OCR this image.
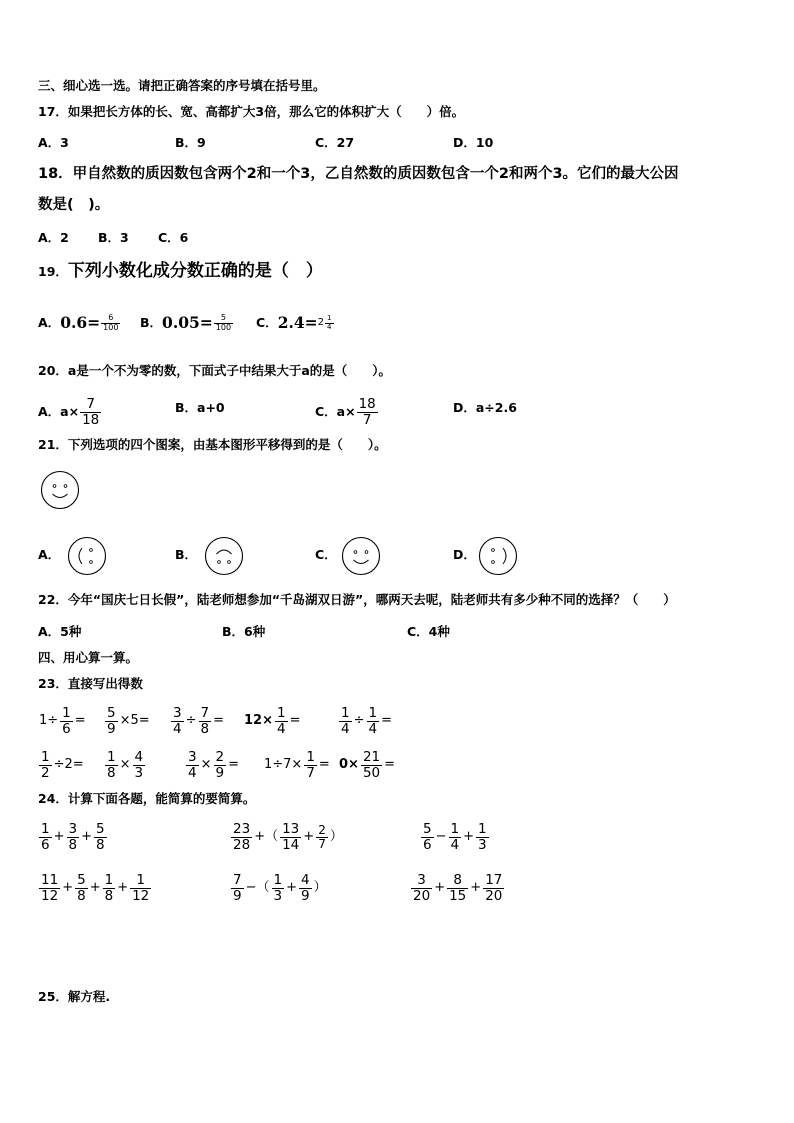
三、细心选一选。请把正确答案的序号填在括号里。
17．如果把长方体的长、宽、高都扩大3倍，那么它的体积扩大（　　）倍。
A．3	B．9	C．27	D．10
18．甲自然数的质因数包含两个2和一个3，乙自然数的质因数包含一个2和两个3。它们的最大公因
数是(　)。
A．2 B．3 C．6
19．下列小数化成分数正确的是（　）
A． $0.6= \frac{6}{100}$ B． $0.05= \frac{5}{100}$ C． $2.4= 2 \frac{1}{4}$
20．a是一个不为零的数，下面式子中结果大于a的是（　　）。
A．$a\times \frac{7}{18}$	B．a+0	C．$a\times \frac{18}{7}$	D．a÷2.6
21．下列选项的四个图案，由基本图形平移得到的是（　　）。
A．	B．	C．	D．
22．今年“国庆七日长假”，陆老师想参加“千岛湖双日游”，哪两天去呢，陆老师共有多少种不同的选择？（　　）
A．5种	B．6种	C．4种
四、用心算一算。
23．直接写出得数
$1\div \frac{1}{6} = \frac{5}{9} \times 5= \frac{3}{4} \div \frac{7}{8} = 12\times \frac{1}{4}$ =	$\frac{1}{4} \div \frac{1}{4}$ =
$\frac{1}{2} \div 2= \frac{1}{8} \times \frac{4}{3}$	$\frac{3}{4} \times \frac{2}{9} = 1\div 7\times \frac{1}{7} = 0\times \frac{21}{50}$ =
24．计算下面各题，能简算的要简算。
$\frac{1}{6} + \frac{3}{8} + \frac{5}{8}$	$\frac{23}{28}$ +（ $\frac{13}{14} + \frac{2}{7}$ ）	$\frac{5}{6} - \frac{1}{4} + \frac{1}{3}$
$\frac{11}{12} + \frac{5}{8} + \frac{1}{8} + \frac{1}{12}$	$\frac{7}{9}$ −（ $\frac{1}{3} + \frac{4}{9}$ ）	$\frac{3}{20} + \frac{8}{15} + \frac{17}{20}$
25．解方程.
